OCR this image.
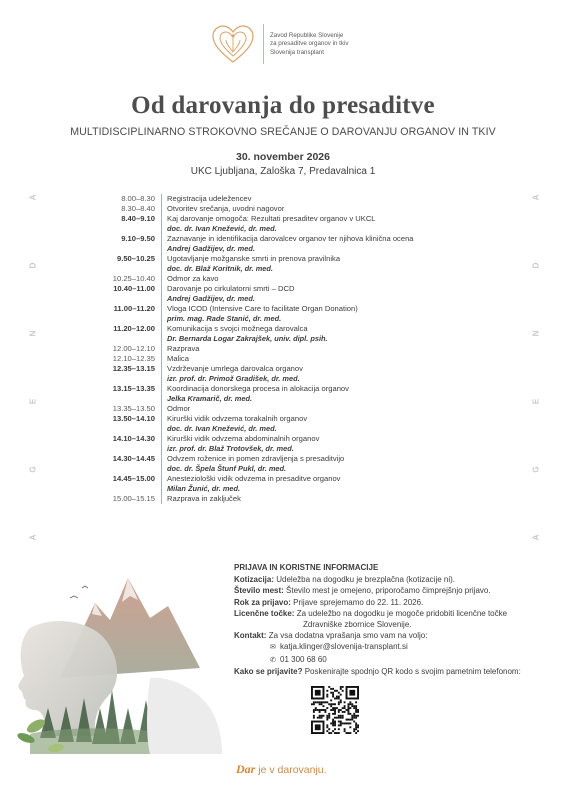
Zavod Republike Slovenije
za presaditve organov in tkiv
Slovenija transplant
Od darovanja do presaditve
MULTIDISCIPLINARNO STROKOVNO SREČANJE O DAROVANJU ORGANOV IN TKIV
30. november 2026
UKC Ljubljana, Zaloška 7, Predavalnica 1
A
G
E
N
D
A
A
G
E
N
D
A
8.00–8.30	Registracija udeležencev
8.30–8.40	Otvoritev srečanja, uvodni nagovor
8.40–9.10	Kaj darovanje omogoča: Rezultati presaditev organov v UKCL
doc. dr. Ivan Knežević, dr. med.
9.10–9.50	Zaznavanje in identifikacija darovalcev organov ter njihova klinična ocena
Andrej Gadžijev, dr. med.
9.50–10.25	Ugotavljanje možganske smrti in prenova pravilnika
doc. dr. Blaž Koritnik, dr. med.
10.25–10.40	Odmor za kavo
10.40–11.00	Darovanje po cirkulatorni smrti – DCD
Andrej Gadžijev, dr. med.
11.00–11.20	Vloga ICOD (Intensive Care to facilitate Organ Donation)
prim. mag. Rade Stanić, dr. med.
11.20–12.00	Komunikacija s svojci možnega darovalca
Dr. Bernarda Logar Zakrajšek, univ. dipl. psih.
12.00–12.10	Razprava
12.10–12.35	Malica
12.35–13.15	Vzdrževanje umrlega darovalca organov
izr. prof. dr. Primož Gradišek, dr. med.
13.15–13.35	Koordinacija donorskega procesa in alokacija organov
Jelka Kramarič, dr. med.
13.35–13.50	Odmor
13.50–14.10	Kirurški vidik odvzema torakalnih organov
doc. dr. Ivan Knežević, dr. med.
14.10–14.30	Kirurški vidik odvzema abdominalnih organov
izr. prof. dr. Blaž Trotovšek, dr. med.
14.30–14.45	Odvzem roženice in pomen zdravljenja s presaditvijo
doc. dr. Špela Štunf Pukl, dr. med.
14.45–15.00	Anesteziološki vidik odvzema in presaditve organov
Milan Žunić, dr. med.
15.00–15.15	Razprava in zaključek
PRIJAVA IN KORISTNE INFORMACIJE
Kotizacija: Udeležba na dogodku je brezplačna (kotizacije ni).
Število mest: Število mest je omejeno, priporočamo čimprejšnjo prijavo.
Rok za prijavo: Prijave sprejemamo do 22. 11. 2026.
Licenčne točke: Za udeležbo na dogodku je mogoče pridobiti licenčne točke
Zdravniške zbornice Slovenije.
Kontakt: Za vsa dodatna vprašanja smo vam na voljo:
✉ katja.klinger@slovenija-transplant.si
✆ 01 300 68 60
Kako se prijavite? Poskenirajte spodnjo QR kodo s svojim pametnim telefonom:
Dar je v darovanju.
